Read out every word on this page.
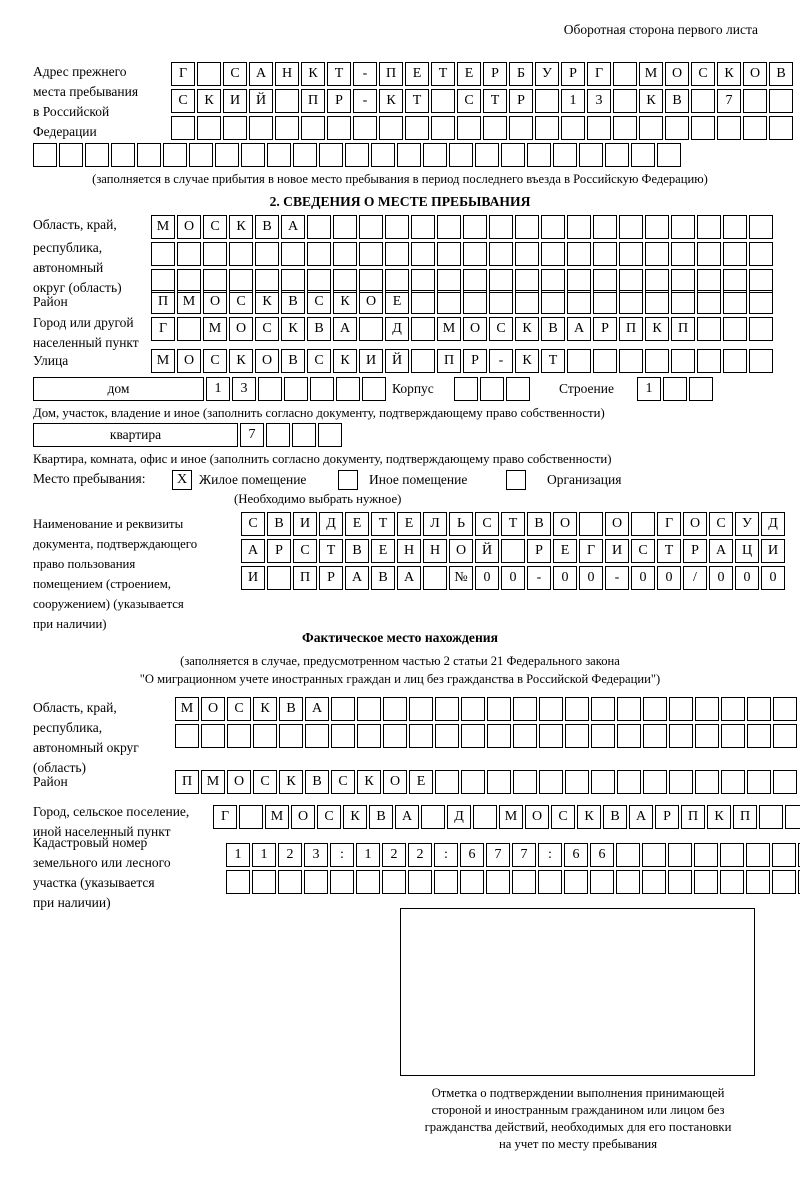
Оборотная сторона первого листа
Адрес прежнего
места пребывания
в Российской
Федерации
Г	С	А	Н	К	Т	-	П	Е	Т	Е	Р	Б	У	Р	Г	М	О	С	К	О	В
С	К	И	Й	П	Р	-	К	Т	С	Т	Р	1	3	К	В	7
(заполняется в случае прибытия в новое место пребывания в период последнего въезда в Российскую Федерацию)
2. СВЕДЕНИЯ О МЕСТЕ ПРЕБЫВАНИЯ
Область, край,
республика,
автономный
округ (область)
М	О	С	К	В	А
Район	П	М	О	С	К	В	С	К	О	Е
Город или другой
населенный пункт
Г	М	О	С	К	В	А	Д	М	О	С	К	В	А	Р	П	К	П
Улица	М	О	С	К	О	В	С	К	И	Й	П	Р	-	К	Т
дом	1	3	Корпус	Строение	1
Дом, участок, владение и иное (заполнить согласно документу, подтверждающему право собственности)
квартира	7
Квартира, комната, офис и иное (заполнить согласно документу, подтверждающему право собственности)
Место пребывания:	X Жилое помещение	Иное помещение	Организация
(Необходимо выбрать нужное)
Наименование и реквизиты
документа, подтверждающего
право пользования
помещением (строением,
сооружением) (указывается
при наличии)
С	В	И	Д	Е	Т	Е	Л	Ь	С	Т	В	О	О	Г	О	С	У	Д
А	Р	С	Т	В	Е	Н	Н	О	Й	Р	Е	Г	И	С	Т	Р	А	Ц	И
И	П	Р	А	В	А	№	0	0	-	0	0	-	0	0	/	0	0	0
Фактическое место нахождения
(заполняется в случае, предусмотренном частью 2 статьи 21 Федерального закона
"О миграционном учете иностранных граждан и лиц без гражданства в Российской Федерации")
Область, край,
республика,
автономный округ
(область)
М	О	С	К	В	А
Район	П	М	О	С	К	В	С	К	О	Е
Город, сельское поселение,
иной населенный пункт
Г	М	О	С	К	В	А	Д	М	О	С	К	В	А	Р	П	К	П
Кадастровый номер
земельного или лесного
участка (указывается
при наличии)
1	1	2	3	:	1	2	2	:	6	7	7	:	6	6
Отметка о подтверждении выполнения принимающей
стороной и иностранным гражданином или лицом без
гражданства действий, необходимых для его постановки
на учет по месту пребывания
